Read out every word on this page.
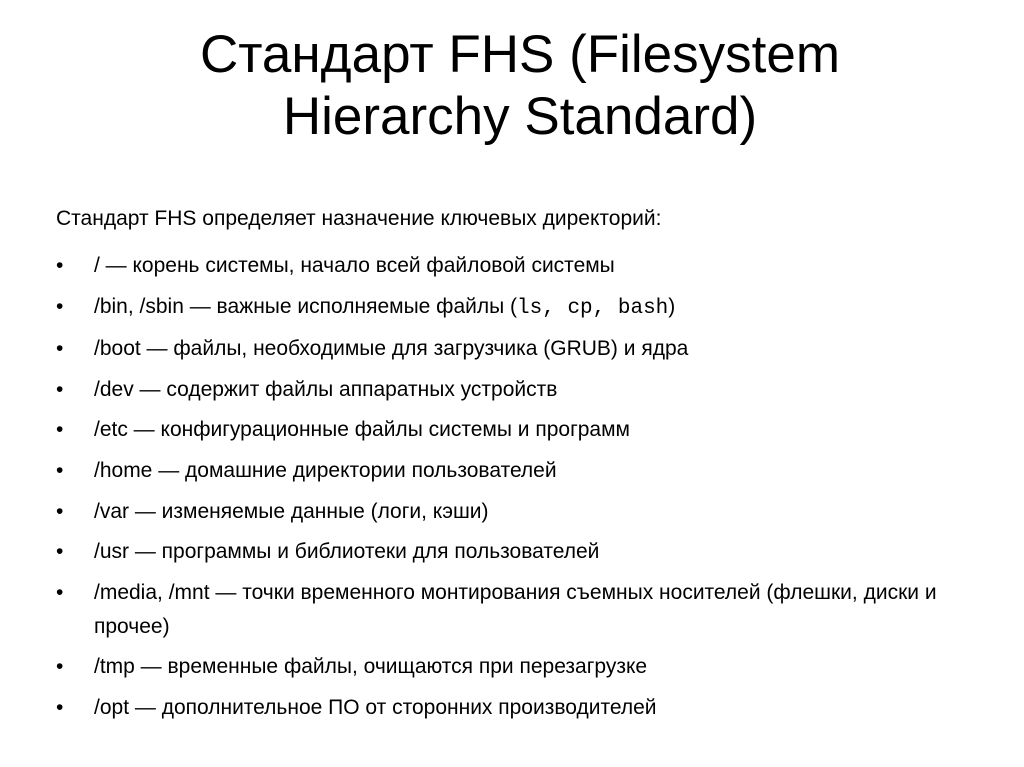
Стандарт FHS (Filesystem Hierarchy Standard)

Стандарт FHS определяет назначение ключевых директорий:

• / — корень системы, начало всей файловой системы
• /bin, /sbin — важные исполняемые файлы (ls, cp, bash)
• /boot — файлы, необходимые для загрузчика (GRUB) и ядра
• /dev — содержит файлы аппаратных устройств
• /etc — конфигурационные файлы системы и программ
• /home — домашние директории пользователей
• /var — изменяемые данные (логи, кэши)
• /usr — программы и библиотеки для пользователей
• /media, /mnt — точки временного монтирования съемных носителей (флешки, диски и прочее)
• /tmp — временные файлы, очищаются при перезагрузке
• /opt — дополнительное ПО от сторонних производителей
